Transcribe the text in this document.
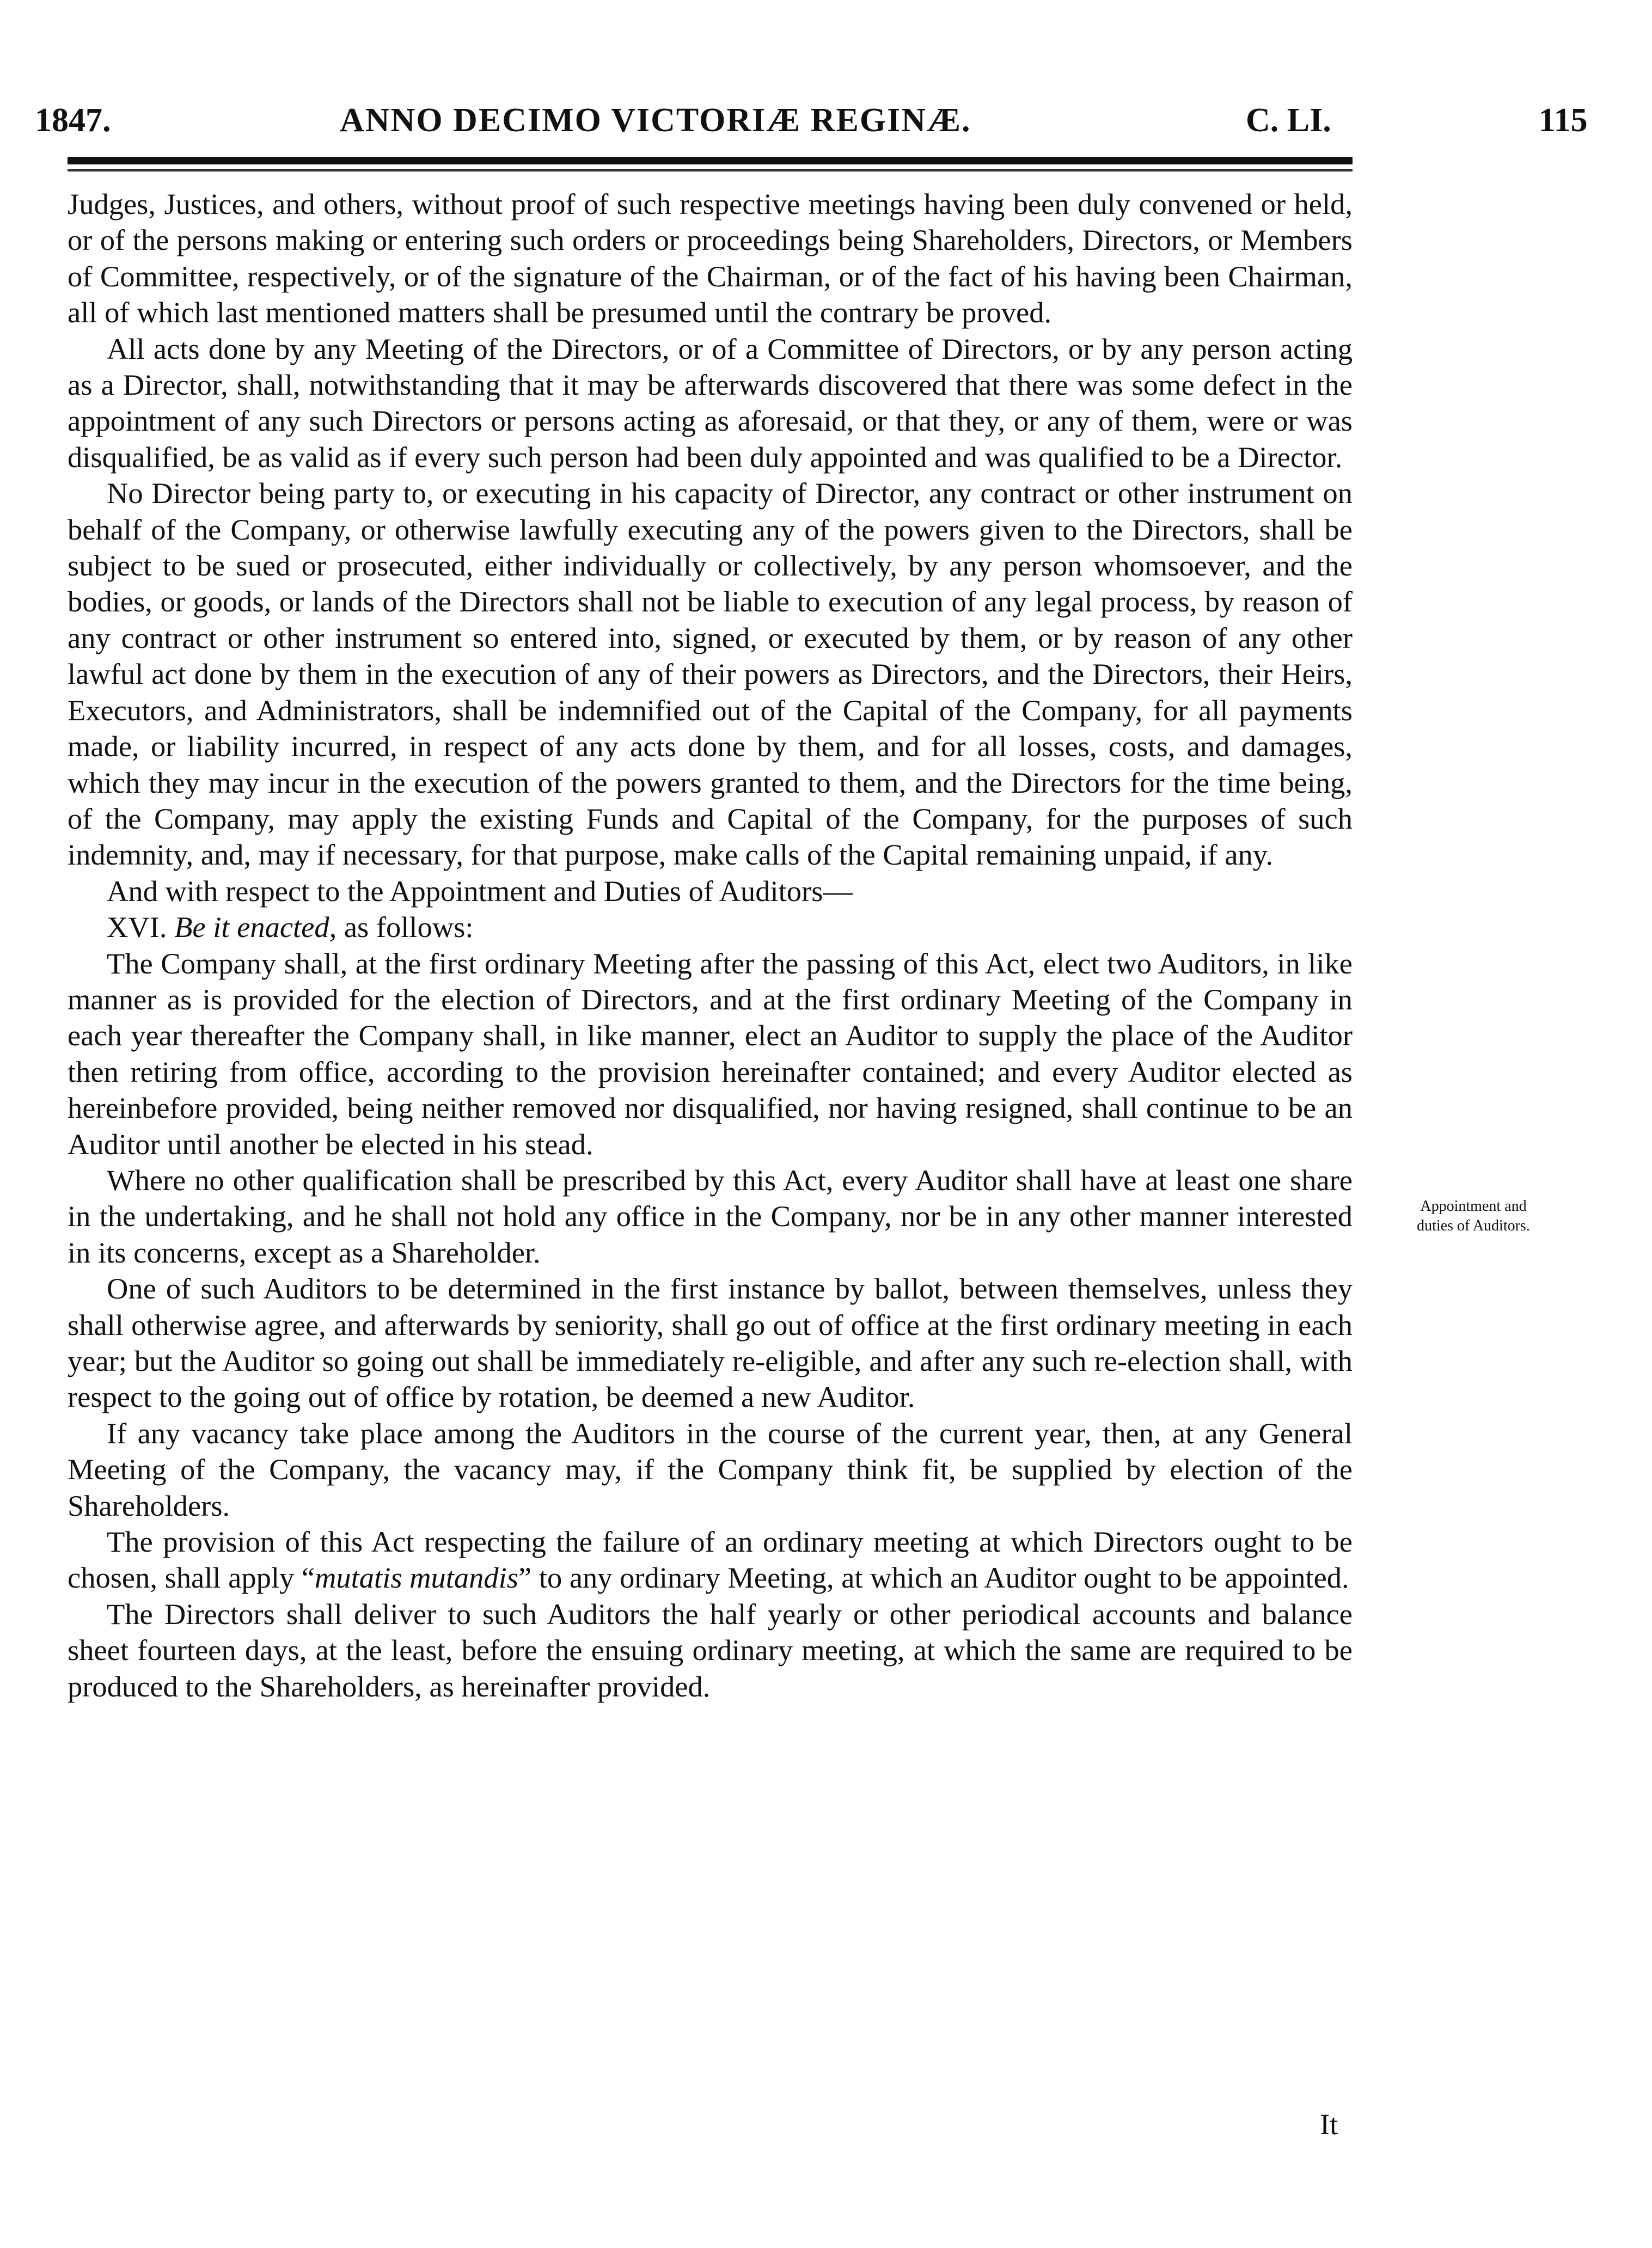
1847.	ANNO DECIMO VICTORIÆ REGINÆ.	C. LI.	115

Judges, Justices, and others, without proof of such respective meetings having been duly convened or held, or of the persons making or entering such orders or proceedings being Shareholders, Directors, or Members of Committee, respectively, or of the signature of the Chairman, or of the fact of his having been Chairman, all of which last mentioned matters shall be presumed until the contrary be proved.

All acts done by any Meeting of the Directors, or of a Committee of Directors, or by any person acting as a Director, shall, notwithstanding that it may be afterwards discovered that there was some defect in the appointment of any such Directors or persons acting as aforesaid, or that they, or any of them, were or was disqualified, be as valid as if every such person had been duly appointed and was qualified to be a Director.

No Director being party to, or executing in his capacity of Director, any contract or other instrument on behalf of the Company, or otherwise lawfully executing any of the powers given to the Directors, shall be subject to be sued or prosecuted, either individually or collectively, by any person whomsoever, and the bodies, or goods, or lands of the Directors shall not be liable to execution of any legal process, by reason of any contract or other instrument so entered into, signed, or executed by them, or by reason of any other lawful act done by them in the execution of any of their powers as Directors, and the Directors, their Heirs, Executors, and Administrators, shall be indemnified out of the Capital of the Company, for all payments made, or liability incurred, in respect of any acts done by them, and for all losses, costs, and damages, which they may incur in the execution of the powers granted to them, and the Directors for the time being, of the Company, may apply the existing Funds and Capital of the Company, for the purposes of such indemnity, and, may if necessary, for that purpose, make calls of the Capital remaining unpaid, if any.

And with respect to the Appointment and Duties of Auditors—

XVI. Be it enacted, as follows:

The Company shall, at the first ordinary Meeting after the passing of this Act, elect two Auditors, in like manner as is provided for the election of Directors, and at the first ordinary Meeting of the Company in each year thereafter the Company shall, in like manner, elect an Auditor to supply the place of the Auditor then retiring from office, according to the provision hereinafter contained; and every Auditor elected as hereinbefore provided, being neither removed nor disqualified, nor having resigned, shall continue to be an Auditor until another be elected in his stead.

Where no other qualification shall be prescribed by this Act, every Auditor shall have at least one share in the undertaking, and he shall not hold any office in the Company, nor be in any other manner interested in its concerns, except as a Shareholder.

One of such Auditors to be determined in the first instance by ballot, between themselves, unless they shall otherwise agree, and afterwards by seniority, shall go out of office at the first ordinary meeting in each year; but the Auditor so going out shall be immediately re-eligible, and after any such re-election shall, with respect to the going out of office by rotation, be deemed a new Auditor.

If any vacancy take place among the Auditors in the course of the current year, then, at any General Meeting of the Company, the vacancy may, if the Company think fit, be supplied by election of the Shareholders.

The provision of this Act respecting the failure of an ordinary meeting at which Directors ought to be chosen, shall apply “mutatis mutandis” to any ordinary Meeting, at which an Auditor ought to be appointed.

The Directors shall deliver to such Auditors the half yearly or other periodical accounts and balance sheet fourteen days, at the least, before the ensuing ordinary meeting, at which the same are required to be produced to the Shareholders, as hereinafter provided.

Appointment and
duties of Auditors.
It
